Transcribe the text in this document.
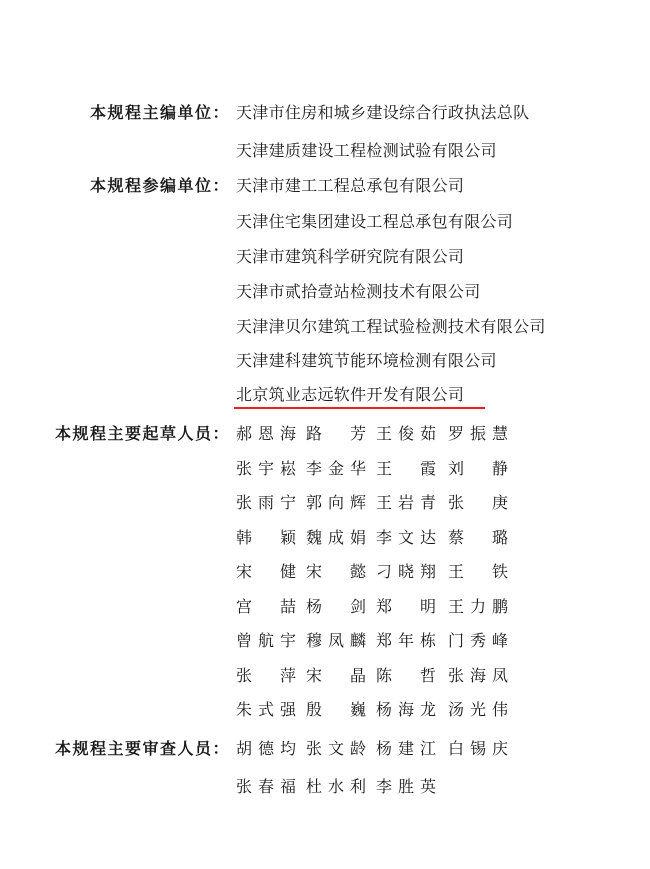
本规程主编单位： 天津市住房和城乡建设综合行政执法总队
天津建质建设工程检测试验有限公司
本规程参编单位： 天津市建工工程总承包有限公司
天津住宅集团建设工程总承包有限公司
天津市建筑科学研究院有限公司
天津市贰拾壹站检测技术有限公司
天津津贝尔建筑工程试验检测技术有限公司
天津建科建筑节能环境检测有限公司
北京筑业志远软件开发有限公司
本规程主要起草人员： 郝恩海 路芳 王俊茹 罗振慧
张宇崧 李金华 王霞 刘静
张雨宁 郭向辉 王岩青 张庚
韩颖 魏成娟 李文达 蔡璐
宋健 宋懿 刁晓翔 王铁
宫喆 杨剑 郑明 王力鹏
曾航宇 穆凤麟 郑年栋 门秀峰
张萍 宋晶 陈哲 张海凤
朱式强 殷巍 杨海龙 汤光伟
本规程主要审查人员： 胡德均 张文龄 杨建江 白锡庆
张春福 杜水利 李胜英
